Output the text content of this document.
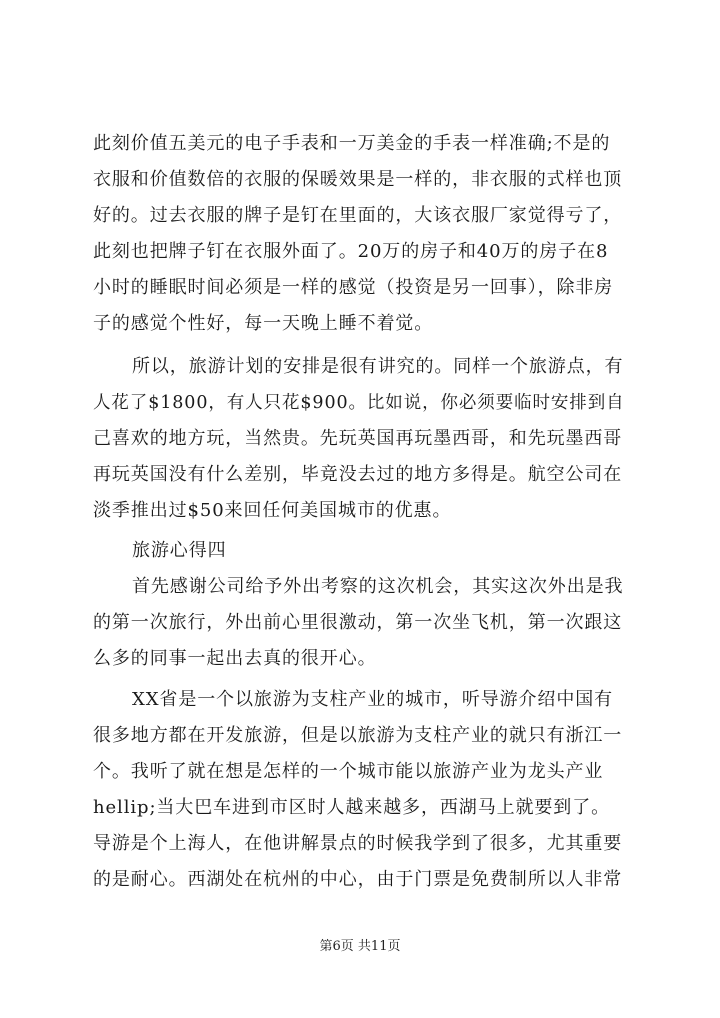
此刻价值五美元的电子手表和一万美金的手表一样准确;不是的
衣服和价值数倍的衣服的保暖效果是一样的，非衣服的式样也顶
好的。过去衣服的牌子是钉在里面的，大该衣服厂家觉得亏了，
此刻也把牌子钉在衣服外面了。20万的房子和40万的房子在8
小时的睡眠时间必须是一样的感觉（投资是另一回事），除非房
子的感觉个性好，每一天晚上睡不着觉。
所以，旅游计划的安排是很有讲究的。同样一个旅游点，有
人花了$1800，有人只花$900。比如说，你必须要临时安排到自
己喜欢的地方玩，当然贵。先玩英国再玩墨西哥，和先玩墨西哥
再玩英国没有什么差别，毕竟没去过的地方多得是。航空公司在
淡季推出过$50来回任何美国城市的优惠。
旅游心得四
首先感谢公司给予外出考察的这次机会，其实这次外出是我
的第一次旅行，外出前心里很激动，第一次坐飞机，第一次跟这
么多的同事一起出去真的很开心。
XX省是一个以旅游为支柱产业的城市，听导游介绍中国有
很多地方都在开发旅游，但是以旅游为支柱产业的就只有浙江一
个。我听了就在想是怎样的一个城市能以旅游产业为龙头产业
hellip;当大巴车进到市区时人越来越多，西湖马上就要到了。
导游是个上海人，在他讲解景点的时候我学到了很多，尤其重要
的是耐心。西湖处在杭州的中心，由于门票是免费制所以人非常
第6页 共11页
